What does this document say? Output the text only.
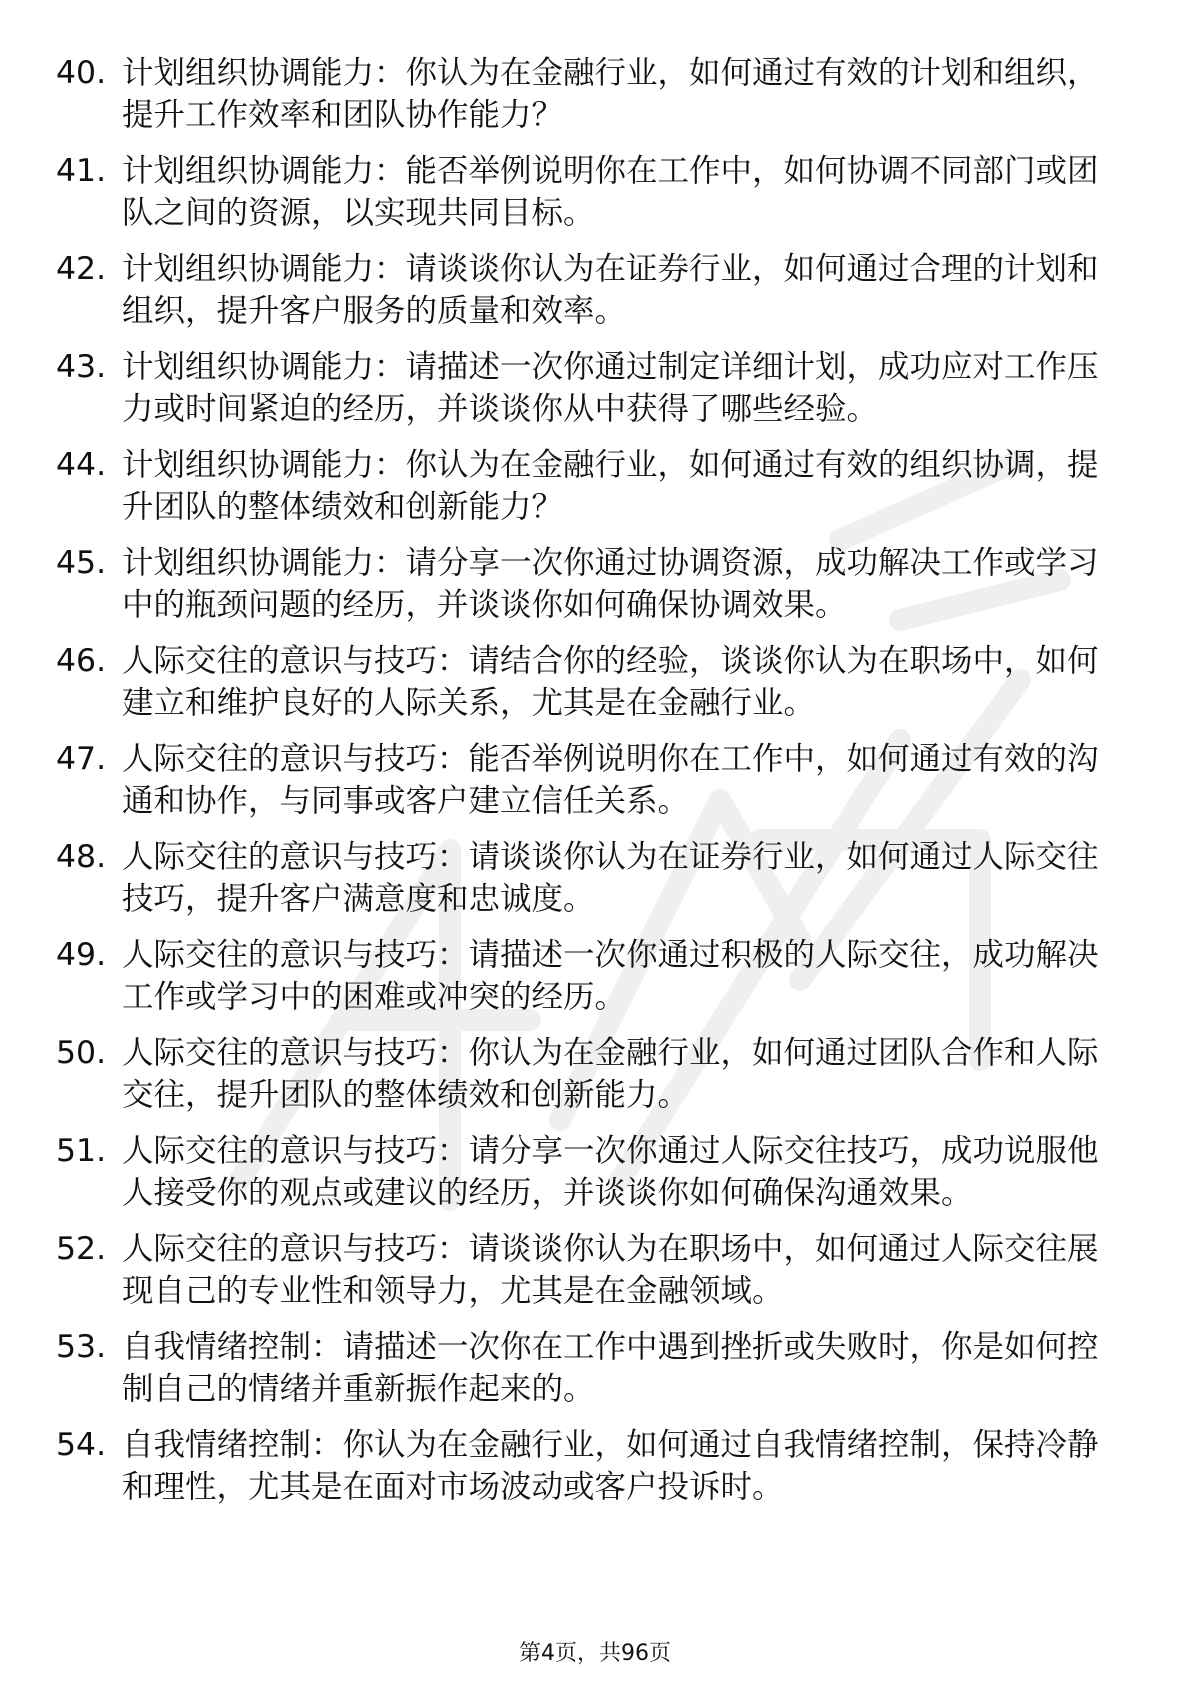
40. 计划组织协调能力：你认为在金融行业，如何通过有效的计划和组织，提升工作效率和团队协作能力？
41. 计划组织协调能力：能否举例说明你在工作中，如何协调不同部门或团队之间的资源，以实现共同目标。
42. 计划组织协调能力：请谈谈你认为在证券行业，如何通过合理的计划和组织，提升客户服务的质量和效率。
43. 计划组织协调能力：请描述一次你通过制定详细计划，成功应对工作压力或时间紧迫的经历，并谈谈你从中获得了哪些经验。
44. 计划组织协调能力：你认为在金融行业，如何通过有效的组织协调，提升团队的整体绩效和创新能力？
45. 计划组织协调能力：请分享一次你通过协调资源，成功解决工作或学习中的瓶颈问题的经历，并谈谈你如何确保协调效果。
46. 人际交往的意识与技巧：请结合你的经验，谈谈你认为在职场中，如何建立和维护良好的人际关系，尤其是在金融行业。
47. 人际交往的意识与技巧：能否举例说明你在工作中，如何通过有效的沟通和协作，与同事或客户建立信任关系。
48. 人际交往的意识与技巧：请谈谈你认为在证券行业，如何通过人际交往技巧，提升客户满意度和忠诚度。
49. 人际交往的意识与技巧：请描述一次你通过积极的人际交往，成功解决工作或学习中的困难或冲突的经历。
50. 人际交往的意识与技巧：你认为在金融行业，如何通过团队合作和人际交往，提升团队的整体绩效和创新能力。
51. 人际交往的意识与技巧：请分享一次你通过人际交往技巧，成功说服他人接受你的观点或建议的经历，并谈谈你如何确保沟通效果。
52. 人际交往的意识与技巧：请谈谈你认为在职场中，如何通过人际交往展现自己的专业性和领导力，尤其是在金融领域。
53. 自我情绪控制：请描述一次你在工作中遇到挫折或失败时，你是如何控制自己的情绪并重新振作起来的。
54. 自我情绪控制：你认为在金融行业，如何通过自我情绪控制，保持冷静和理性，尤其是在面对市场波动或客户投诉时。
第4页，共96页
